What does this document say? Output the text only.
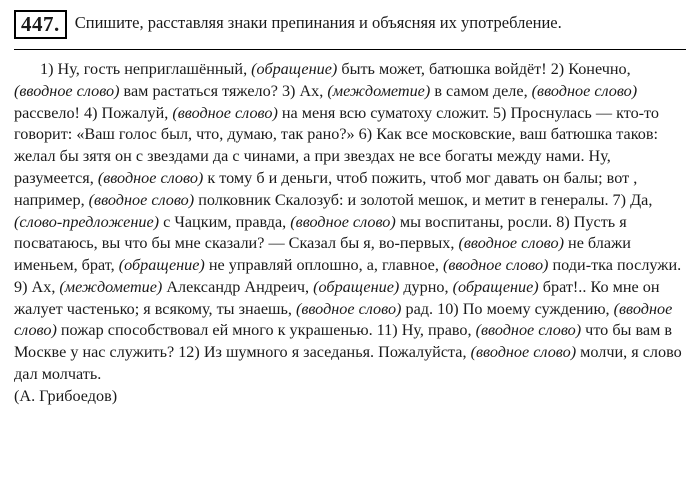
447. Спишите, расставляя знаки препинания и объясняя их употребление.

1) Ну, гость неприглашённый, (обращение) быть может, батюшка войдёт! 2) Конечно, (вводное слово) вам растаться тяжело? 3) Ах, (междометие) в самом деле, (вводное слово) рассвело! 4) Пожалуй, (вводное слово) на меня всю суматоху сложит. 5) Проснулась — кто-то говорит: «Ваш голос был, что, думаю, так рано?» 6) Как все московские, ваш батюшка таков: желал бы зятя он с звездами да с чинами, а при звездах не все богаты между нами. Ну, разумеется, (вводное слово) к тому б и деньги, чтоб пожить, чтоб мог давать он балы; вот , например, (вводное слово) полковник Скалозуб: и золотой мешок, и метит в генералы. 7) Да, (слово-предложение) с Чацким, правда, (вводное слово) мы воспитаны, росли. 8) Пусть я посватаюсь, вы что бы мне сказали? — Сказал бы я, во-первых, (вводное слово) не блажи именьем, брат, (обращение) не управляй оплошно, а, главное, (вводное слово) поди-тка послужи. 9) Ах, (междометие) Александр Андреич, (обращение) дурно, (обращение) брат!.. Ко мне он жалует частенько; я всякому, ты знаешь, (вводное слово) рад. 10) По моему суждению, (вводное слово) пожар способствовал ей много к украшенью. 11) Ну, право, (вводное слово) что бы вам в Москве у нас служить? 12) Из шумного я заседанья. Пожалуйста, (вводное слово) молчи, я слово дал молчать.

(А. Грибоедов)
